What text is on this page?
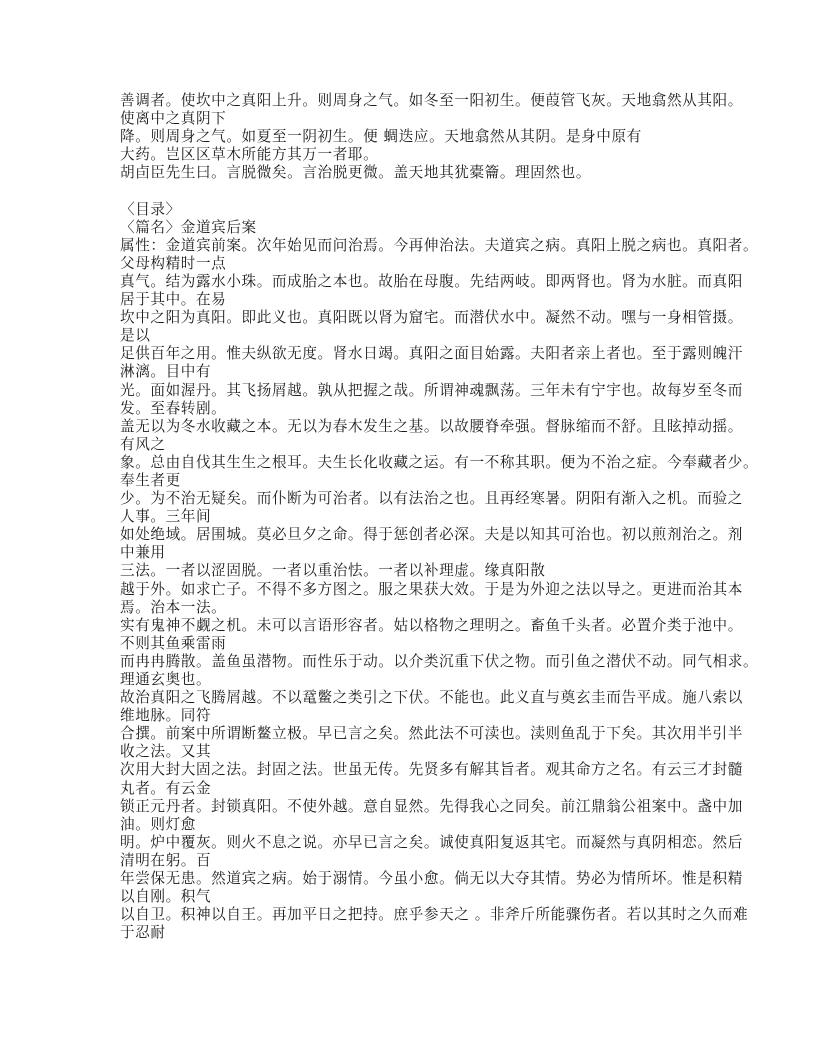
善调者。使坎中之真阳上升。则周身之气。如冬至一阳初生。便葭管飞灰。天地翕然从其阳。
使离中之真阴下
降。则周身之气。如夏至一阴初生。便 蜩迭应。天地翕然从其阴。是身中原有
大药。岂区区草木所能方其万一者耶。
胡卣臣先生曰。言脱微矣。言治脱更微。盖天地其犹橐籥。理固然也。
〈目录〉
〈篇名〉金道宾后案
属性：金道宾前案。次年始见而问治焉。今再伸治法。夫道宾之病。真阳上脱之病也。真阳者。
父母构精时一点
真气。结为露水小珠。而成胎之本也。故胎在母腹。先结两岐。即两肾也。肾为水脏。而真阳
居于其中。在易
坎中之阳为真阳。即此义也。真阳既以肾为窟宅。而潜伏水中。凝然不动。嘿与一身相管摄。
是以
足供百年之用。惟夫纵欲无度。肾水日竭。真阳之面目始露。夫阳者亲上者也。至于露则魄汗
淋漓。目中有
光。面如渥丹。其飞扬屑越。孰从把握之哉。所谓神魂飘荡。三年未有宁宇也。故每岁至冬而
发。至春转剧。
盖无以为冬水收藏之本。无以为春木发生之基。以故腰脊牵强。督脉缩而不舒。且眩掉动摇。
有风之
象。总由自伐其生生之根耳。夫生长化收藏之运。有一不称其职。便为不治之症。今奉藏者少。
奉生者更
少。为不治无疑矣。而仆断为可治者。以有法治之也。且再经寒暑。阴阳有渐入之机。而验之
人事。三年间
如处绝域。居围城。莫必旦夕之命。得于惩创者必深。夫是以知其可治也。初以煎剂治之。剂
中兼用
三法。一者以涩固脱。一者以重治怯。一者以补理虚。缘真阳散
越于外。如求亡子。不得不多方图之。服之果获大效。于是为外迎之法以导之。更进而治其本
焉。治本一法。
实有鬼神不觑之机。未可以言语形容者。姑以格物之理明之。畜鱼千头者。必置介类于池中。
不则其鱼乘雷雨
而冉冉腾散。盖鱼虽潜物。而性乐于动。以介类沉重下伏之物。而引鱼之潜伏不动。同气相求。
理通玄奥也。
故治真阳之飞腾屑越。不以鼋鳖之类引之下伏。不能也。此义直与奠玄圭而告平成。施八索以
维地脉。同符
合撰。前案中所谓断鳌立极。早已言之矣。然此法不可渎也。渎则鱼乱于下矣。其次用半引半
收之法。又其
次用大封大固之法。封固之法。世虽无传。先贤多有解其旨者。观其命方之名。有云三才封髓
丸者。有云金
锁正元丹者。封锁真阳。不使外越。意自显然。先得我心之同矣。前江鼎翁公祖案中。盏中加
油。则灯愈
明。炉中覆灰。则火不息之说。亦早已言之矣。诚使真阳复返其宅。而凝然与真阴相恋。然后
清明在躬。百
年尝保无患。然道宾之病。始于溺情。今虽小愈。倘无以大夺其情。势必为情所坏。惟是积精
以自刚。积气
以自卫。积神以自王。再加平日之把持。庶乎参天之 。非斧斤所能骤伤者。若以其时之久而难
于忍耐
